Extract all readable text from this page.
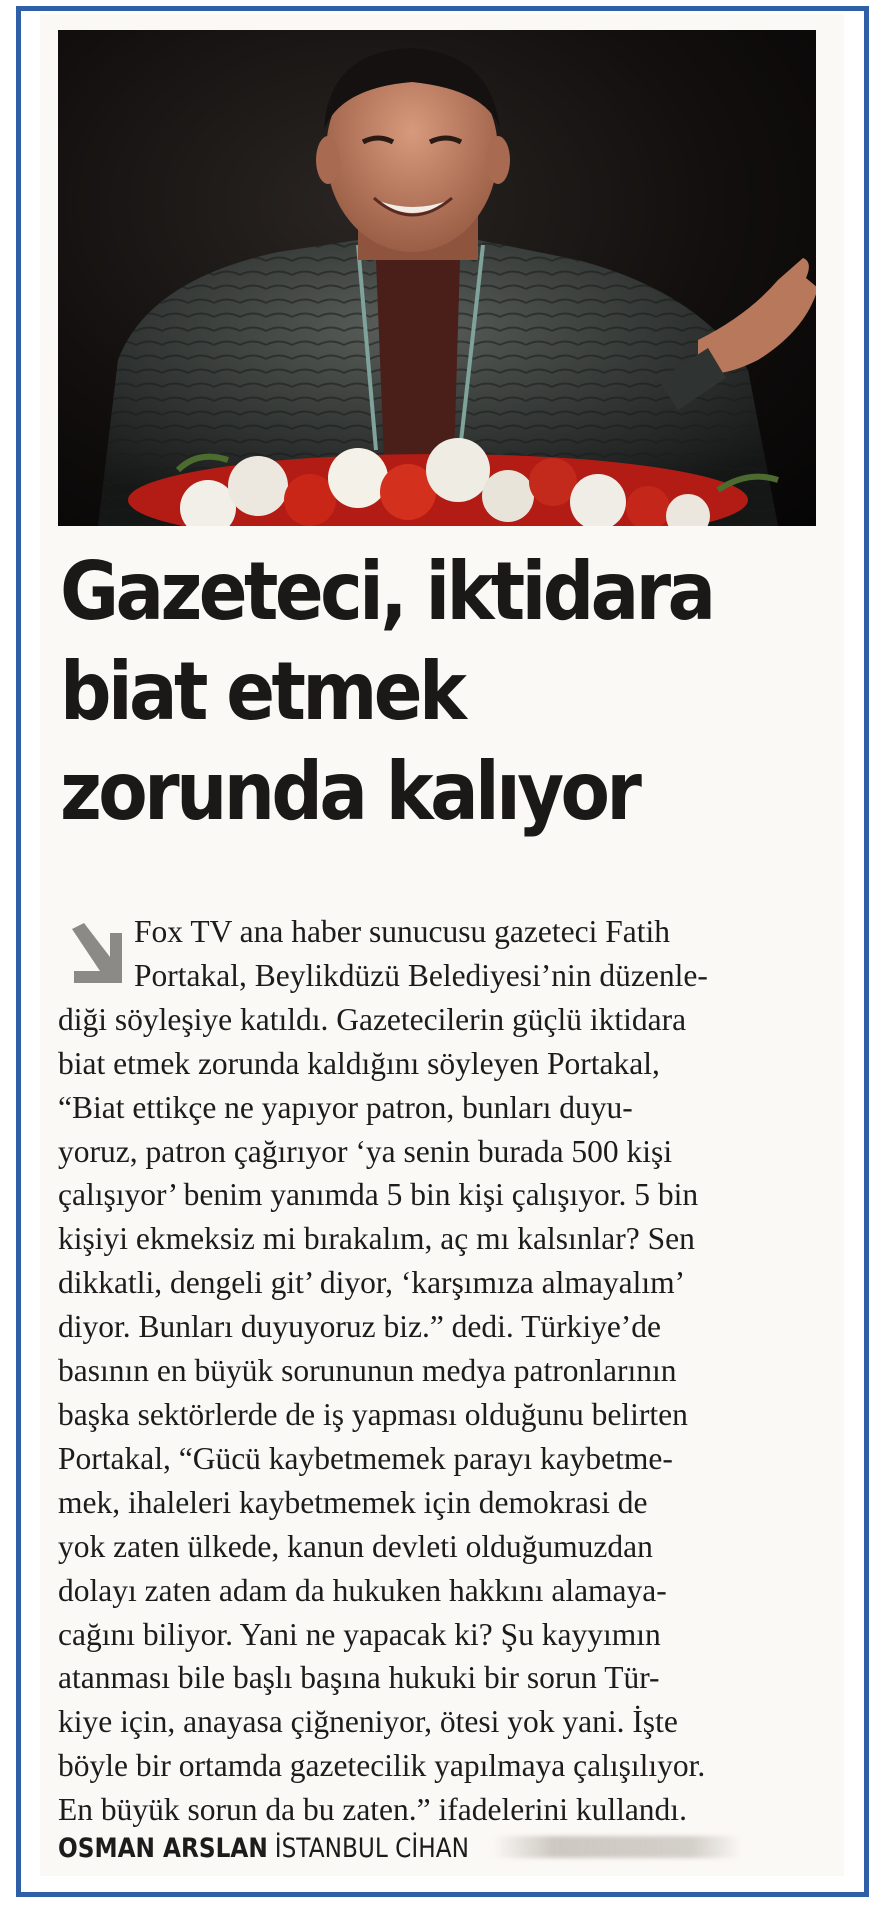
Gazeteci, iktidara
biat etmek
zorunda kalıyor
Fox TV ana haber sunucusu gazeteci Fatih
Portakal, Beylikdüzü Belediyesi’nin düzenle-
diği söyleşiye katıldı. Gazetecilerin güçlü iktidara
biat etmek zorunda kaldığını söyleyen Portakal,
“Biat ettikçe ne yapıyor patron, bunları duyu-
yoruz, patron çağırıyor ‘ya senin burada 500 kişi
çalışıyor’ benim yanımda 5 bin kişi çalışıyor. 5 bin
kişiyi ekmeksiz mi bırakalım, aç mı kalsınlar? Sen
dikkatli, dengeli git’ diyor, ‘karşımıza almayalım’
diyor. Bunları duyuyoruz biz.” dedi. Türkiye’de
basının en büyük sorununun medya patronlarının
başka sektörlerde de iş yapması olduğunu belirten
Portakal, “Gücü kaybetmemek parayı kaybetme-
mek, ihaleleri kaybetmemek için demokrasi de
yok zaten ülkede, kanun devleti olduğumuzdan
dolayı zaten adam da hukuken hakkını alamaya-
cağını biliyor. Yani ne yapacak ki? Şu kayyımın
atanması bile başlı başına hukuki bir sorun Tür-
kiye için, anayasa çiğneniyor, ötesi yok yani. İşte
böyle bir ortamda gazetecilik yapılmaya çalışılıyor.
En büyük sorun da bu zaten.” ifadelerini kullandı.
OSMAN ARSLAN İSTANBUL CİHAN
